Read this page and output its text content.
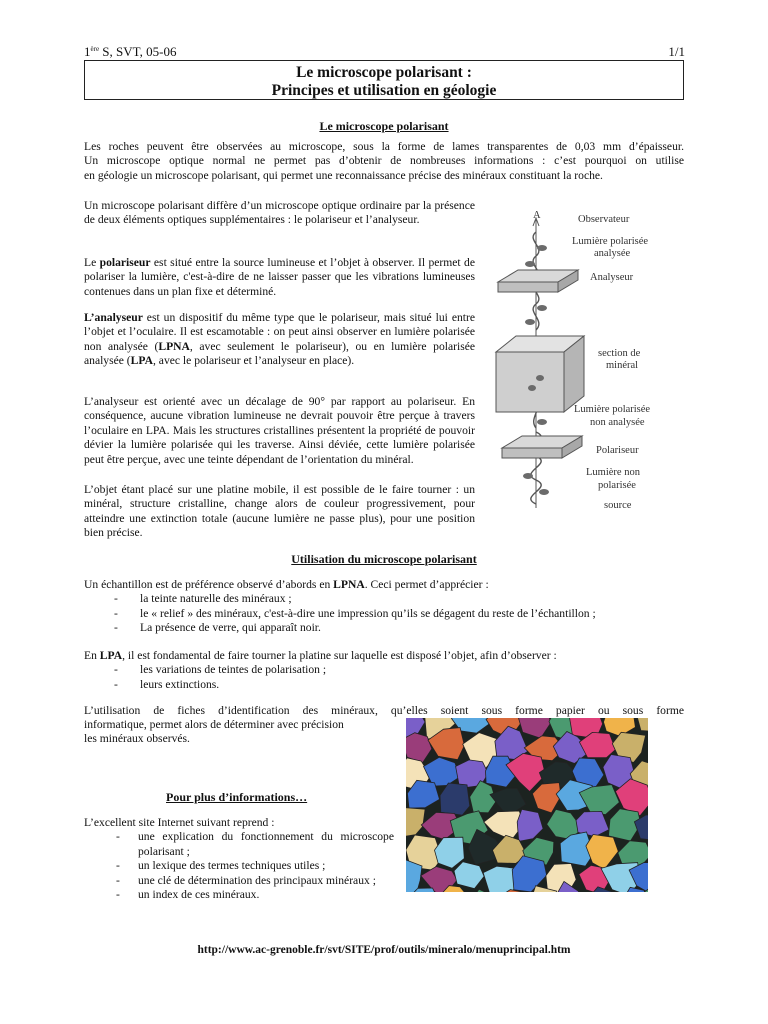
1ère S, SVT, 05-06	1/1
Le microscope polarisant :
Principes et utilisation en géologie
Le microscope polarisant
Les roches peuvent être observées au microscope, sous la forme de lames transparentes de 0,03 mm d’épaisseur.
Un microscope optique normal ne permet pas d’obtenir de nombreuses informations : c’est pourquoi on utilise
en géologie un microscope polarisant, qui permet une reconnaissance précise des minéraux constituant la roche.
Un microscope polarisant diffère d’un microscope optique ordinaire par la présence de deux éléments optiques supplémentaires : le polariseur et l’analyseur.
Le polariseur est situé entre la source lumineuse et l’objet à observer. Il permet de polariser la lumière, c'est-à-dire de ne laisser passer que les vibrations lumineuses contenues dans un plan fixe et déterminé.
L’analyseur est un dispositif du même type que le polariseur, mais situé lui entre l’objet et l’oculaire. Il est escamotable : on peut ainsi observer en lumière polarisée non analysée (LPNA, avec seulement le polariseur), ou en lumière polarisée analysée (LPA, avec le polariseur et l’analyseur en place).
L’analyseur est orienté avec un décalage de 90° par rapport au polariseur. En conséquence, aucune vibration lumineuse ne devrait pouvoir être perçue à travers l’oculaire en LPA. Mais les structures cristallines présentent la propriété de pouvoir dévier la lumière polarisée qui les traverse. Ainsi déviée, cette lumière polarisée peut être perçue, avec une teinte dépendant de l’orientation du minéral.
L’objet étant placé sur une platine mobile, il est possible de le faire tourner : un minéral, structure cristalline, change alors de couleur progressivement, pour atteindre une extinction totale (aucune lumière ne passe plus), pour une position bien précise.
A	Observateur
Lumière polarisée
analysée
Analyseur
section de
minéral
Lumière polarisée
non analysée
Polariseur
Lumière non
polarisée
source
Utilisation du microscope polarisant
Un échantillon est de préférence observé d’abords en LPNA. Ceci permet d’apprécier :
- la teinte naturelle des minéraux ;
- le « relief » des minéraux, c'est-à-dire une impression qu’ils se dégagent du reste de l’échantillon ;
- La présence de verre, qui apparaît noir.
En LPA, il est fondamental de faire tourner la platine sur laquelle est disposé l’objet, afin d’observer :
- les variations de teintes de polarisation ;
- leurs extinctions.
L’utilisation de fiches d’identification des minéraux, qu’elles soient sous forme papier ou sous forme
informatique, permet alors de déterminer avec précision
les minéraux observés.
Pour plus d’informations…
L’excellent site Internet suivant reprend :
- une explication du fonctionnement du microscope polarisant ;
- un lexique des termes techniques utiles ;
- une clé de détermination des principaux minéraux ;
- un index de ces minéraux.
http://www.ac-grenoble.fr/svt/SITE/prof/outils/mineralo/menuprincipal.htm
